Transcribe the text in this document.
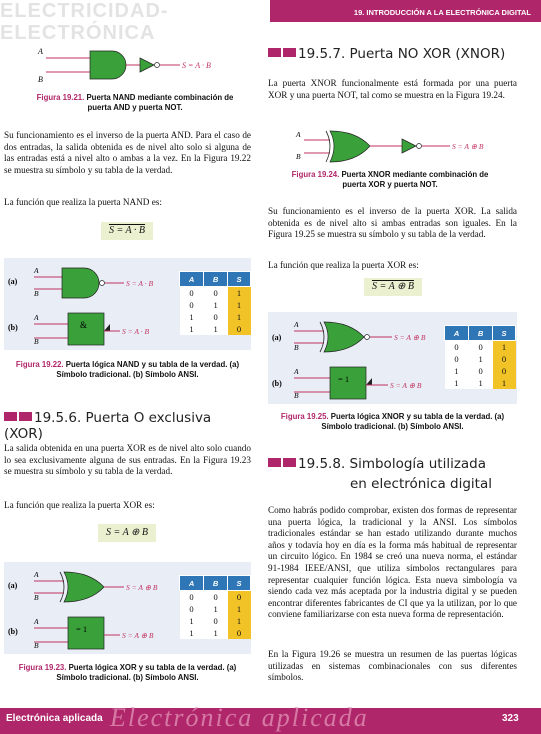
ELECTRICIDAD-ELECTRÓNICA
19. INTRODUCCIÓN A LA ELECTRÓNICA DIGITAL
A
B
S = A · B
Figura 19.21. Puerta NAND mediante combinación de puerta AND y puerta NOT.
Su funcionamiento es el inverso de la puerta AND. Para el caso de dos entradas, la salida obtenida es de nivel alto solo si alguna de las entradas está a nivel alto o ambas a la vez. En la Figura 19.22 se muestra su símbolo y su tabla de la verdad.
La función que realiza la puerta NAND es:
S = A · B
(a)
(b)
A
B
S = A · B
A
B
&
S = A · B
A	B	S
0	0	1
0	1	1
1	0	1
1	1	0
Figura 19.22. Puerta lógica NAND y su tabla de la verdad. (a) Símbolo tradicional. (b) Símbolo ANSI.
19.5.6. Puerta O exclusiva (XOR)
La salida obtenida en una puerta XOR es de nivel alto solo cuando lo sea exclusivamente alguna de sus entradas. En la Figura 19.23 se muestra su símbolo y su tabla de la verdad.
La función que realiza la puerta XOR es:
S = A ⊕ B
(a)
(b)
A
B
S = A ⊕ B
A
B
= 1
S = A ⊕ B
A	B	S
0	0	0
0	1	1
1	0	1
1	1	0
Figura 19.23. Puerta lógica XOR y su tabla de la verdad. (a) Símbolo tradicional. (b) Símbolo ANSI.
19.5.7. Puerta NO XOR (XNOR)
La puerta XNOR funcionalmente está formada por una puerta XOR y una puerta NOT, tal como se muestra en la Figura 19.24.
A
B
S = A ⊕ B
Figura 19.24. Puerta XNOR mediante combinación de puerta XOR y puerta NOT.
Su funcionamiento es el inverso de la puerta XOR. La salida obtenida es de nivel alto si ambas entradas son iguales. En la Figura 19.25 se muestra su símbolo y su tabla de la verdad.
La función que realiza la puerta XOR es:
S = A ⊕ B
(a)
(b)
A
B
S = A ⊕ B
A
B
= 1
S = A ⊕ B
A	B	S
0	0	1
0	1	0
1	0	0
1	1	1
Figura 19.25. Puerta lógica XNOR y su tabla de la verdad. (a) Símbolo tradicional. (b) Símbolo ANSI.
19.5.8. Simbología utilizada
en electrónica digital
Como habrás podido comprobar, existen dos formas de representar una puerta lógica, la tradicional y la ANSI. Los símbolos tradicionales estándar se han estado utilizando durante muchos años y todavía hoy en día es la forma más habitual de representar un circuito lógico. En 1984 se creó una nueva norma, el estándar 91-1984 IEEE/ANSI, que utiliza símbolos rectangulares para representar cualquier función lógica. Esta nueva simbología va siendo cada vez más aceptada por la industria digital y se pueden encontrar diferentes fabricantes de CI que ya la utilizan, por lo que conviene familiarizarse con esta nueva forma de representación.
En la Figura 19.26 se muestra un resumen de las puertas lógicas utilizadas en sistemas combinacionales con sus diferentes símbolos.
Electrónica aplicada
Electrónica aplicada	323
